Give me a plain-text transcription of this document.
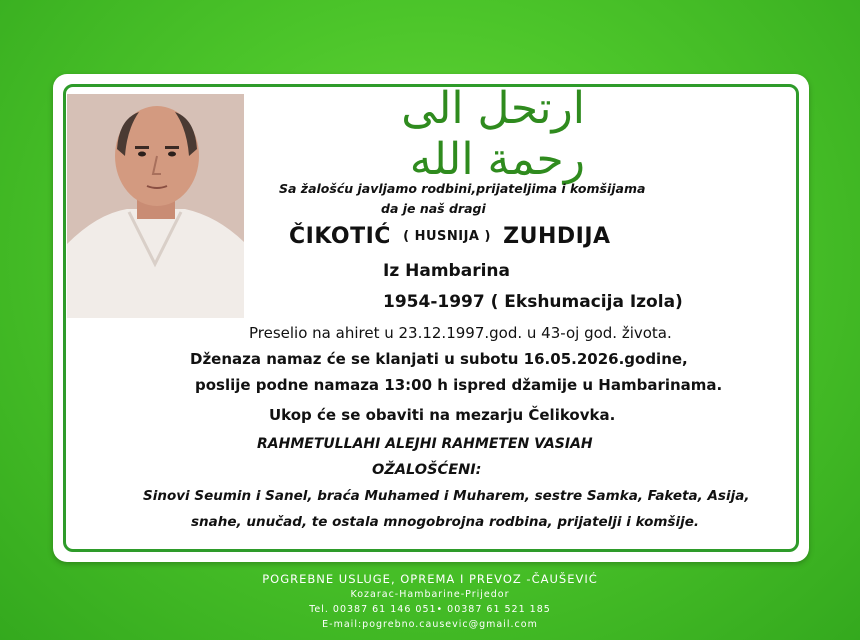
ارتحل الى رحمة الله
Sa žalošću javljamo rodbini,prijateljima i komšijama
da je naš dragi
ČIKOTIĆ ( HUSNIJA ) ZUHDIJA
Iz Hambarina
1954-1997 ( Ekshumacija Izola)
Preselio na ahiret u 23.12.1997.god. u 43-oj god. života.
Dženaza namaz će se klanjati u subotu 16.05.2026.godine,
poslije podne namaza 13:00 h ispred džamije u Hambarinama.
Ukop će se obaviti na mezarju Čelikovka.
RAHMETULLAHI ALEJHI RAHMETEN VASIAH
OŽALOŠĆENI:
Sinovi Seumin i Sanel, braća Muhamed i Muharem, sestre Samka, Faketa, Asija,
snahe, unučad, te ostala mnogobrojna rodbina, prijatelji i komšije.
POGREBNE USLUGE, OPREMA I PREVOZ -ČAUŠEVIĆ
Kozarac-Hambarine-Prijedor
Tel. 00387 61 146 051• 00387 61 521 185
E-mail:pogrebno.causevic@gmail.com
